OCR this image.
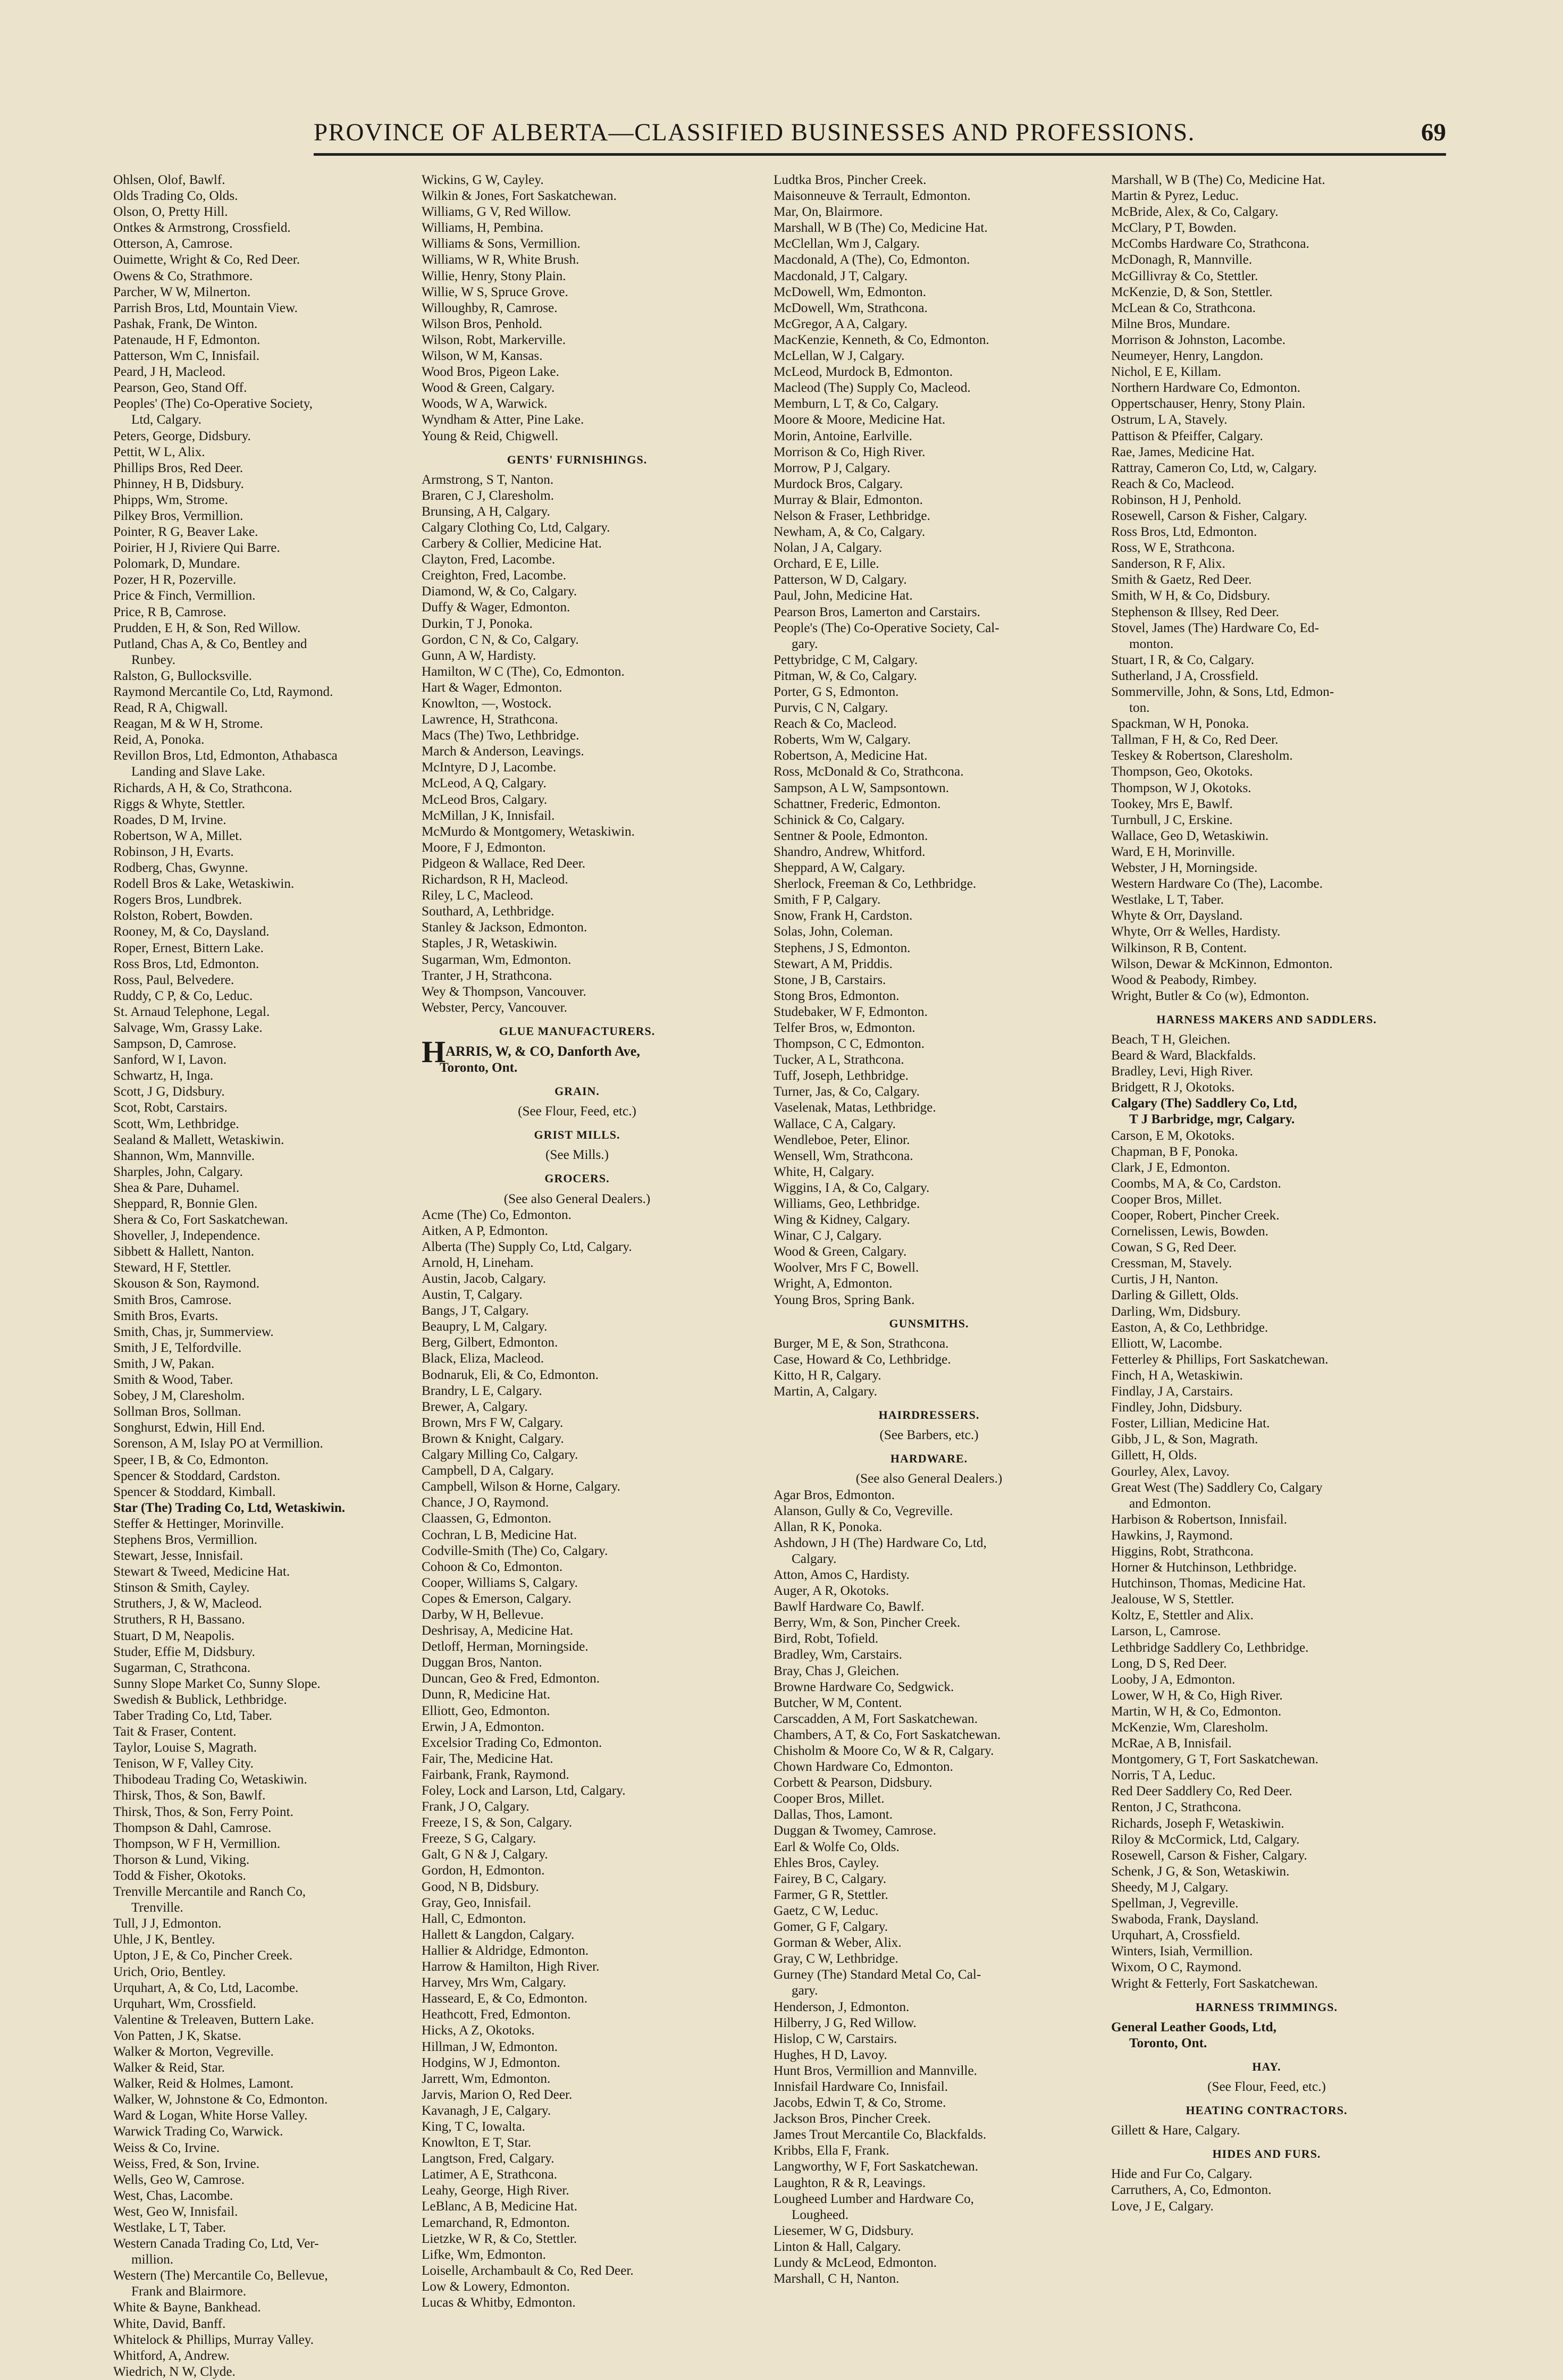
PROVINCE OF ALBERTA—CLASSIFIED BUSINESSES AND PROFESSIONS.	69
Ohlsen, Olof, Bawlf.
Olds Trading Co, Olds.
Olson, O, Pretty Hill.
Ontkes & Armstrong, Crossfield.
Otterson, A, Camrose.
Ouimette, Wright & Co, Red Deer.
Owens & Co, Strathmore.
Parcher, W W, Milnerton.
Parrish Bros, Ltd, Mountain View.
Pashak, Frank, De Winton.
Patenaude, H F, Edmonton.
Patterson, Wm C, Innisfail.
Peard, J H, Macleod.
Pearson, Geo, Stand Off.
Peoples' (The) Co-Operative Society,
Ltd, Calgary.
Peters, George, Didsbury.
Pettit, W L, Alix.
Phillips Bros, Red Deer.
Phinney, H B, Didsbury.
Phipps, Wm, Strome.
Pilkey Bros, Vermillion.
Pointer, R G, Beaver Lake.
Poirier, H J, Riviere Qui Barre.
Polomark, D, Mundare.
Pozer, H R, Pozerville.
Price & Finch, Vermillion.
Price, R B, Camrose.
Prudden, E H, & Son, Red Willow.
Putland, Chas A, & Co, Bentley and
Runbey.
Ralston, G, Bullocksville.
Raymond Mercantile Co, Ltd, Raymond.
Read, R A, Chigwall.
Reagan, M & W H, Strome.
Reid, A, Ponoka.
Revillon Bros, Ltd, Edmonton, Athabasca
Landing and Slave Lake.
Richards, A H, & Co, Strathcona.
Riggs & Whyte, Stettler.
Roades, D M, Irvine.
Robertson, W A, Millet.
Robinson, J H, Evarts.
Rodberg, Chas, Gwynne.
Rodell Bros & Lake, Wetaskiwin.
Rogers Bros, Lundbrek.
Rolston, Robert, Bowden.
Rooney, M, & Co, Daysland.
Roper, Ernest, Bittern Lake.
Ross Bros, Ltd, Edmonton.
Ross, Paul, Belvedere.
Ruddy, C P, & Co, Leduc.
St. Arnaud Telephone, Legal.
Salvage, Wm, Grassy Lake.
Sampson, D, Camrose.
Sanford, W I, Lavon.
Schwartz, H, Inga.
Scott, J G, Didsbury.
Scot, Robt, Carstairs.
Scott, Wm, Lethbridge.
Sealand & Mallett, Wetaskiwin.
Shannon, Wm, Mannville.
Sharples, John, Calgary.
Shea & Pare, Duhamel.
Sheppard, R, Bonnie Glen.
Shera & Co, Fort Saskatchewan.
Shoveller, J, Independence.
Sibbett & Hallett, Nanton.
Steward, H F, Stettler.
Skouson & Son, Raymond.
Smith Bros, Camrose.
Smith Bros, Evarts.
Smith, Chas, jr, Summerview.
Smith, J E, Telfordville.
Smith, J W, Pakan.
Smith & Wood, Taber.
Sobey, J M, Claresholm.
Sollman Bros, Sollman.
Songhurst, Edwin, Hill End.
Sorenson, A M, Islay PO at Vermillion.
Speer, I B, & Co, Edmonton.
Spencer & Stoddard, Cardston.
Spencer & Stoddard, Kimball.
Star (The) Trading Co, Ltd, Wetaskiwin.
Steffer & Hettinger, Morinville.
Stephens Bros, Vermillion.
Stewart, Jesse, Innisfail.
Stewart & Tweed, Medicine Hat.
Stinson & Smith, Cayley.
Struthers, J, & W, Macleod.
Struthers, R H, Bassano.
Stuart, D M, Neapolis.
Studer, Effie M, Didsbury.
Sugarman, C, Strathcona.
Sunny Slope Market Co, Sunny Slope.
Swedish & Bublick, Lethbridge.
Taber Trading Co, Ltd, Taber.
Tait & Fraser, Content.
Taylor, Louise S, Magrath.
Tenison, W F, Valley City.
Thibodeau Trading Co, Wetaskiwin.
Thirsk, Thos, & Son, Bawlf.
Thirsk, Thos, & Son, Ferry Point.
Thompson & Dahl, Camrose.
Thompson, W F H, Vermillion.
Thorson & Lund, Viking.
Todd & Fisher, Okotoks.
Trenville Mercantile and Ranch Co,
Trenville.
Tull, J J, Edmonton.
Uhle, J K, Bentley.
Upton, J E, & Co, Pincher Creek.
Urich, Orio, Bentley.
Urquhart, A, & Co, Ltd, Lacombe.
Urquhart, Wm, Crossfield.
Valentine & Treleaven, Buttern Lake.
Von Patten, J K, Skatse.
Walker & Morton, Vegreville.
Walker & Reid, Star.
Walker, Reid & Holmes, Lamont.
Walker, W, Johnstone & Co, Edmonton.
Ward & Logan, White Horse Valley.
Warwick Trading Co, Warwick.
Weiss & Co, Irvine.
Weiss, Fred, & Son, Irvine.
Wells, Geo W, Camrose.
West, Chas, Lacombe.
West, Geo W, Innisfail.
Westlake, L T, Taber.
Western Canada Trading Co, Ltd, Ver-
million.
Western (The) Mercantile Co, Bellevue,
Frank and Blairmore.
White & Bayne, Bankhead.
White, David, Banff.
Whitelock & Phillips, Murray Valley.
Whitford, A, Andrew.
Wiedrich, N W, Clyde.
Wickins, G W, Cayley.
Wilkin & Jones, Fort Saskatchewan.
Williams, G V, Red Willow.
Williams, H, Pembina.
Williams & Sons, Vermillion.
Williams, W R, White Brush.
Willie, Henry, Stony Plain.
Willie, W S, Spruce Grove.
Willoughby, R, Camrose.
Wilson Bros, Penhold.
Wilson, Robt, Markerville.
Wilson, W M, Kansas.
Wood Bros, Pigeon Lake.
Wood & Green, Calgary.
Woods, W A, Warwick.
Wyndham & Atter, Pine Lake.
Young & Reid, Chigwell.
GENTS' FURNISHINGS.
Armstrong, S T, Nanton.
Braren, C J, Claresholm.
Brunsing, A H, Calgary.
Calgary Clothing Co, Ltd, Calgary.
Carbery & Collier, Medicine Hat.
Clayton, Fred, Lacombe.
Creighton, Fred, Lacombe.
Diamond, W, & Co, Calgary.
Duffy & Wager, Edmonton.
Durkin, T J, Ponoka.
Gordon, C N, & Co, Calgary.
Gunn, A W, Hardisty.
Hamilton, W C (The), Co, Edmonton.
Hart & Wager, Edmonton.
Knowlton, —, Wostock.
Lawrence, H, Strathcona.
Macs (The) Two, Lethbridge.
March & Anderson, Leavings.
McIntyre, D J, Lacombe.
McLeod, A Q, Calgary.
McLeod Bros, Calgary.
McMillan, J K, Innisfail.
McMurdo & Montgomery, Wetaskiwin.
Moore, F J, Edmonton.
Pidgeon & Wallace, Red Deer.
Richardson, R H, Macleod.
Riley, L C, Macleod.
Southard, A, Lethbridge.
Stanley & Jackson, Edmonton.
Staples, J R, Wetaskiwin.
Sugarman, Wm, Edmonton.
Tranter, J H, Strathcona.
Wey & Thompson, Vancouver.
Webster, Percy, Vancouver.
GLUE MANUFACTURERS.
HARRIS, W, & CO, Danforth Ave,
Toronto, Ont.
GRAIN.
(See Flour, Feed, etc.)
GRIST MILLS.
(See Mills.)
GROCERS.
(See also General Dealers.)
Acme (The) Co, Edmonton.
Aitken, A P, Edmonton.
Alberta (The) Supply Co, Ltd, Calgary.
Arnold, H, Lineham.
Austin, Jacob, Calgary.
Austin, T, Calgary.
Bangs, J T, Calgary.
Beaupry, L M, Calgary.
Berg, Gilbert, Edmonton.
Black, Eliza, Macleod.
Bodnaruk, Eli, & Co, Edmonton.
Brandry, L E, Calgary.
Brewer, A, Calgary.
Brown, Mrs F W, Calgary.
Brown & Knight, Calgary.
Calgary Milling Co, Calgary.
Campbell, D A, Calgary.
Campbell, Wilson & Horne, Calgary.
Chance, J O, Raymond.
Claassen, G, Edmonton.
Cochran, L B, Medicine Hat.
Codville-Smith (The) Co, Calgary.
Cohoon & Co, Edmonton.
Cooper, Williams S, Calgary.
Copes & Emerson, Calgary.
Darby, W H, Bellevue.
Deshrisay, A, Medicine Hat.
Detloff, Herman, Morningside.
Duggan Bros, Nanton.
Duncan, Geo & Fred, Edmonton.
Dunn, R, Medicine Hat.
Elliott, Geo, Edmonton.
Erwin, J A, Edmonton.
Excelsior Trading Co, Edmonton.
Fair, The, Medicine Hat.
Fairbank, Frank, Raymond.
Foley, Lock and Larson, Ltd, Calgary.
Frank, J O, Calgary.
Freeze, I S, & Son, Calgary.
Freeze, S G, Calgary.
Galt, G N & J, Calgary.
Gordon, H, Edmonton.
Good, N B, Didsbury.
Gray, Geo, Innisfail.
Hall, C, Edmonton.
Hallett & Langdon, Calgary.
Hallier & Aldridge, Edmonton.
Harrow & Hamilton, High River.
Harvey, Mrs Wm, Calgary.
Hasseard, E, & Co, Edmonton.
Heathcott, Fred, Edmonton.
Hicks, A Z, Okotoks.
Hillman, J W, Edmonton.
Hodgins, W J, Edmonton.
Jarrett, Wm, Edmonton.
Jarvis, Marion O, Red Deer.
Kavanagh, J E, Calgary.
King, T C, Iowalta.
Knowlton, E T, Star.
Langtson, Fred, Calgary.
Latimer, A E, Strathcona.
Leahy, George, High River.
LeBlanc, A B, Medicine Hat.
Lemarchand, R, Edmonton.
Lietzke, W R, & Co, Stettler.
Lifke, Wm, Edmonton.
Loiselle, Archambault & Co, Red Deer.
Low & Lowery, Edmonton.
Lucas & Whitby, Edmonton.
Ludtka Bros, Pincher Creek.
Maisonneuve & Terrault, Edmonton.
Mar, On, Blairmore.
Marshall, W B (The) Co, Medicine Hat.
McClellan, Wm J, Calgary.
Macdonald, A (The), Co, Edmonton.
Macdonald, J T, Calgary.
McDowell, Wm, Edmonton.
McDowell, Wm, Strathcona.
McGregor, A A, Calgary.
MacKenzie, Kenneth, & Co, Edmonton.
McLellan, W J, Calgary.
McLeod, Murdock B, Edmonton.
Macleod (The) Supply Co, Macleod.
Memburn, L T, & Co, Calgary.
Moore & Moore, Medicine Hat.
Morin, Antoine, Earlville.
Morrison & Co, High River.
Morrow, P J, Calgary.
Murdock Bros, Calgary.
Murray & Blair, Edmonton.
Nelson & Fraser, Lethbridge.
Newham, A, & Co, Calgary.
Nolan, J A, Calgary.
Orchard, E E, Lille.
Patterson, W D, Calgary.
Paul, John, Medicine Hat.
Pearson Bros, Lamerton and Carstairs.
People's (The) Co-Operative Society, Cal-
gary.
Pettybridge, C M, Calgary.
Pitman, W, & Co, Calgary.
Porter, G S, Edmonton.
Purvis, C N, Calgary.
Reach & Co, Macleod.
Roberts, Wm W, Calgary.
Robertson, A, Medicine Hat.
Ross, McDonald & Co, Strathcona.
Sampson, A L W, Sampsontown.
Schattner, Frederic, Edmonton.
Schinick & Co, Calgary.
Sentner & Poole, Edmonton.
Shandro, Andrew, Whitford.
Sheppard, A W, Calgary.
Sherlock, Freeman & Co, Lethbridge.
Smith, F P, Calgary.
Snow, Frank H, Cardston.
Solas, John, Coleman.
Stephens, J S, Edmonton.
Stewart, A M, Priddis.
Stone, J B, Carstairs.
Stong Bros, Edmonton.
Studebaker, W F, Edmonton.
Telfer Bros, w, Edmonton.
Thompson, C C, Edmonton.
Tucker, A L, Strathcona.
Tuff, Joseph, Lethbridge.
Turner, Jas, & Co, Calgary.
Vaselenak, Matas, Lethbridge.
Wallace, C A, Calgary.
Wendleboe, Peter, Elinor.
Wensell, Wm, Strathcona.
White, H, Calgary.
Wiggins, I A, & Co, Calgary.
Williams, Geo, Lethbridge.
Wing & Kidney, Calgary.
Winar, C J, Calgary.
Wood & Green, Calgary.
Woolver, Mrs F C, Bowell.
Wright, A, Edmonton.
Young Bros, Spring Bank.
GUNSMITHS.
Burger, M E, & Son, Strathcona.
Case, Howard & Co, Lethbridge.
Kitto, H R, Calgary.
Martin, A, Calgary.
HAIRDRESSERS.
(See Barbers, etc.)
HARDWARE.
(See also General Dealers.)
Agar Bros, Edmonton.
Alanson, Gully & Co, Vegreville.
Allan, R K, Ponoka.
Ashdown, J H (The) Hardware Co, Ltd,
Calgary.
Atton, Amos C, Hardisty.
Auger, A R, Okotoks.
Bawlf Hardware Co, Bawlf.
Berry, Wm, & Son, Pincher Creek.
Bird, Robt, Tofield.
Bradley, Wm, Carstairs.
Bray, Chas J, Gleichen.
Browne Hardware Co, Sedgwick.
Butcher, W M, Content.
Carscadden, A M, Fort Saskatchewan.
Chambers, A T, & Co, Fort Saskatchewan.
Chisholm & Moore Co, W & R, Calgary.
Chown Hardware Co, Edmonton.
Corbett & Pearson, Didsbury.
Cooper Bros, Millet.
Dallas, Thos, Lamont.
Duggan & Twomey, Camrose.
Earl & Wolfe Co, Olds.
Ehles Bros, Cayley.
Fairey, B C, Calgary.
Farmer, G R, Stettler.
Gaetz, C W, Leduc.
Gomer, G F, Calgary.
Gorman & Weber, Alix.
Gray, C W, Lethbridge.
Gurney (The) Standard Metal Co, Cal-
gary.
Henderson, J, Edmonton.
Hilberry, J G, Red Willow.
Hislop, C W, Carstairs.
Hughes, H D, Lavoy.
Hunt Bros, Vermillion and Mannville.
Innisfail Hardware Co, Innisfail.
Jacobs, Edwin T, & Co, Strome.
Jackson Bros, Pincher Creek.
James Trout Mercantile Co, Blackfalds.
Kribbs, Ella F, Frank.
Langworthy, W F, Fort Saskatchewan.
Laughton, R & R, Leavings.
Lougheed Lumber and Hardware Co,
Lougheed.
Liesemer, W G, Didsbury.
Linton & Hall, Calgary.
Lundy & McLeod, Edmonton.
Marshall, C H, Nanton.
Marshall, W B (The) Co, Medicine Hat.
Martin & Pyrez, Leduc.
McBride, Alex, & Co, Calgary.
McClary, P T, Bowden.
McCombs Hardware Co, Strathcona.
McDonagh, R, Mannville.
McGillivray & Co, Stettler.
McKenzie, D, & Son, Stettler.
McLean & Co, Strathcona.
Milne Bros, Mundare.
Morrison & Johnston, Lacombe.
Neumeyer, Henry, Langdon.
Nichol, E E, Killam.
Northern Hardware Co, Edmonton.
Oppertschauser, Henry, Stony Plain.
Ostrum, L A, Stavely.
Pattison & Pfeiffer, Calgary.
Rae, James, Medicine Hat.
Rattray, Cameron Co, Ltd, w, Calgary.
Reach & Co, Macleod.
Robinson, H J, Penhold.
Rosewell, Carson & Fisher, Calgary.
Ross Bros, Ltd, Edmonton.
Ross, W E, Strathcona.
Sanderson, R F, Alix.
Smith & Gaetz, Red Deer.
Smith, W H, & Co, Didsbury.
Stephenson & Illsey, Red Deer.
Stovel, James (The) Hardware Co, Ed-
monton.
Stuart, I R, & Co, Calgary.
Sutherland, J A, Crossfield.
Sommerville, John, & Sons, Ltd, Edmon-
ton.
Spackman, W H, Ponoka.
Tallman, F H, & Co, Red Deer.
Teskey & Robertson, Claresholm.
Thompson, Geo, Okotoks.
Thompson, W J, Okotoks.
Tookey, Mrs E, Bawlf.
Turnbull, J C, Erskine.
Wallace, Geo D, Wetaskiwin.
Ward, E H, Morinville.
Webster, J H, Morningside.
Western Hardware Co (The), Lacombe.
Westlake, L T, Taber.
Whyte & Orr, Daysland.
Whyte, Orr & Welles, Hardisty.
Wilkinson, R B, Content.
Wilson, Dewar & McKinnon, Edmonton.
Wood & Peabody, Rimbey.
Wright, Butler & Co (w), Edmonton.
HARNESS MAKERS AND SADDLERS.
Beach, T H, Gleichen.
Beard & Ward, Blackfalds.
Bradley, Levi, High River.
Bridgett, R J, Okotoks.
Calgary (The) Saddlery Co, Ltd,
T J Barbridge, mgr, Calgary.
Carson, E M, Okotoks.
Chapman, B F, Ponoka.
Clark, J E, Edmonton.
Coombs, M A, & Co, Cardston.
Cooper Bros, Millet.
Cooper, Robert, Pincher Creek.
Cornelissen, Lewis, Bowden.
Cowan, S G, Red Deer.
Cressman, M, Stavely.
Curtis, J H, Nanton.
Darling & Gillett, Olds.
Darling, Wm, Didsbury.
Easton, A, & Co, Lethbridge.
Elliott, W, Lacombe.
Fetterley & Phillips, Fort Saskatchewan.
Finch, H A, Wetaskiwin.
Findlay, J A, Carstairs.
Findley, John, Didsbury.
Foster, Lillian, Medicine Hat.
Gibb, J L, & Son, Magrath.
Gillett, H, Olds.
Gourley, Alex, Lavoy.
Great West (The) Saddlery Co, Calgary
and Edmonton.
Harbison & Robertson, Innisfail.
Hawkins, J, Raymond.
Higgins, Robt, Strathcona.
Horner & Hutchinson, Lethbridge.
Hutchinson, Thomas, Medicine Hat.
Jealouse, W S, Stettler.
Koltz, E, Stettler and Alix.
Larson, L, Camrose.
Lethbridge Saddlery Co, Lethbridge.
Long, D S, Red Deer.
Looby, J A, Edmonton.
Lower, W H, & Co, High River.
Martin, W H, & Co, Edmonton.
McKenzie, Wm, Claresholm.
McRae, A B, Innisfail.
Montgomery, G T, Fort Saskatchewan.
Norris, T A, Leduc.
Red Deer Saddlery Co, Red Deer.
Renton, J C, Strathcona.
Richards, Joseph F, Wetaskiwin.
Riloy & McCormick, Ltd, Calgary.
Rosewell, Carson & Fisher, Calgary.
Schenk, J G, & Son, Wetaskiwin.
Sheedy, M J, Calgary.
Spellman, J, Vegreville.
Swaboda, Frank, Daysland.
Urquhart, A, Crossfield.
Winters, Isiah, Vermillion.
Wixom, O C, Raymond.
Wright & Fetterly, Fort Saskatchewan.
HARNESS TRIMMINGS.
General Leather Goods, Ltd,
Toronto, Ont.
HAY.
(See Flour, Feed, etc.)
HEATING CONTRACTORS.
Gillett & Hare, Calgary.
HIDES AND FURS.
Hide and Fur Co, Calgary.
Carruthers, A, Co, Edmonton.
Love, J E, Calgary.
